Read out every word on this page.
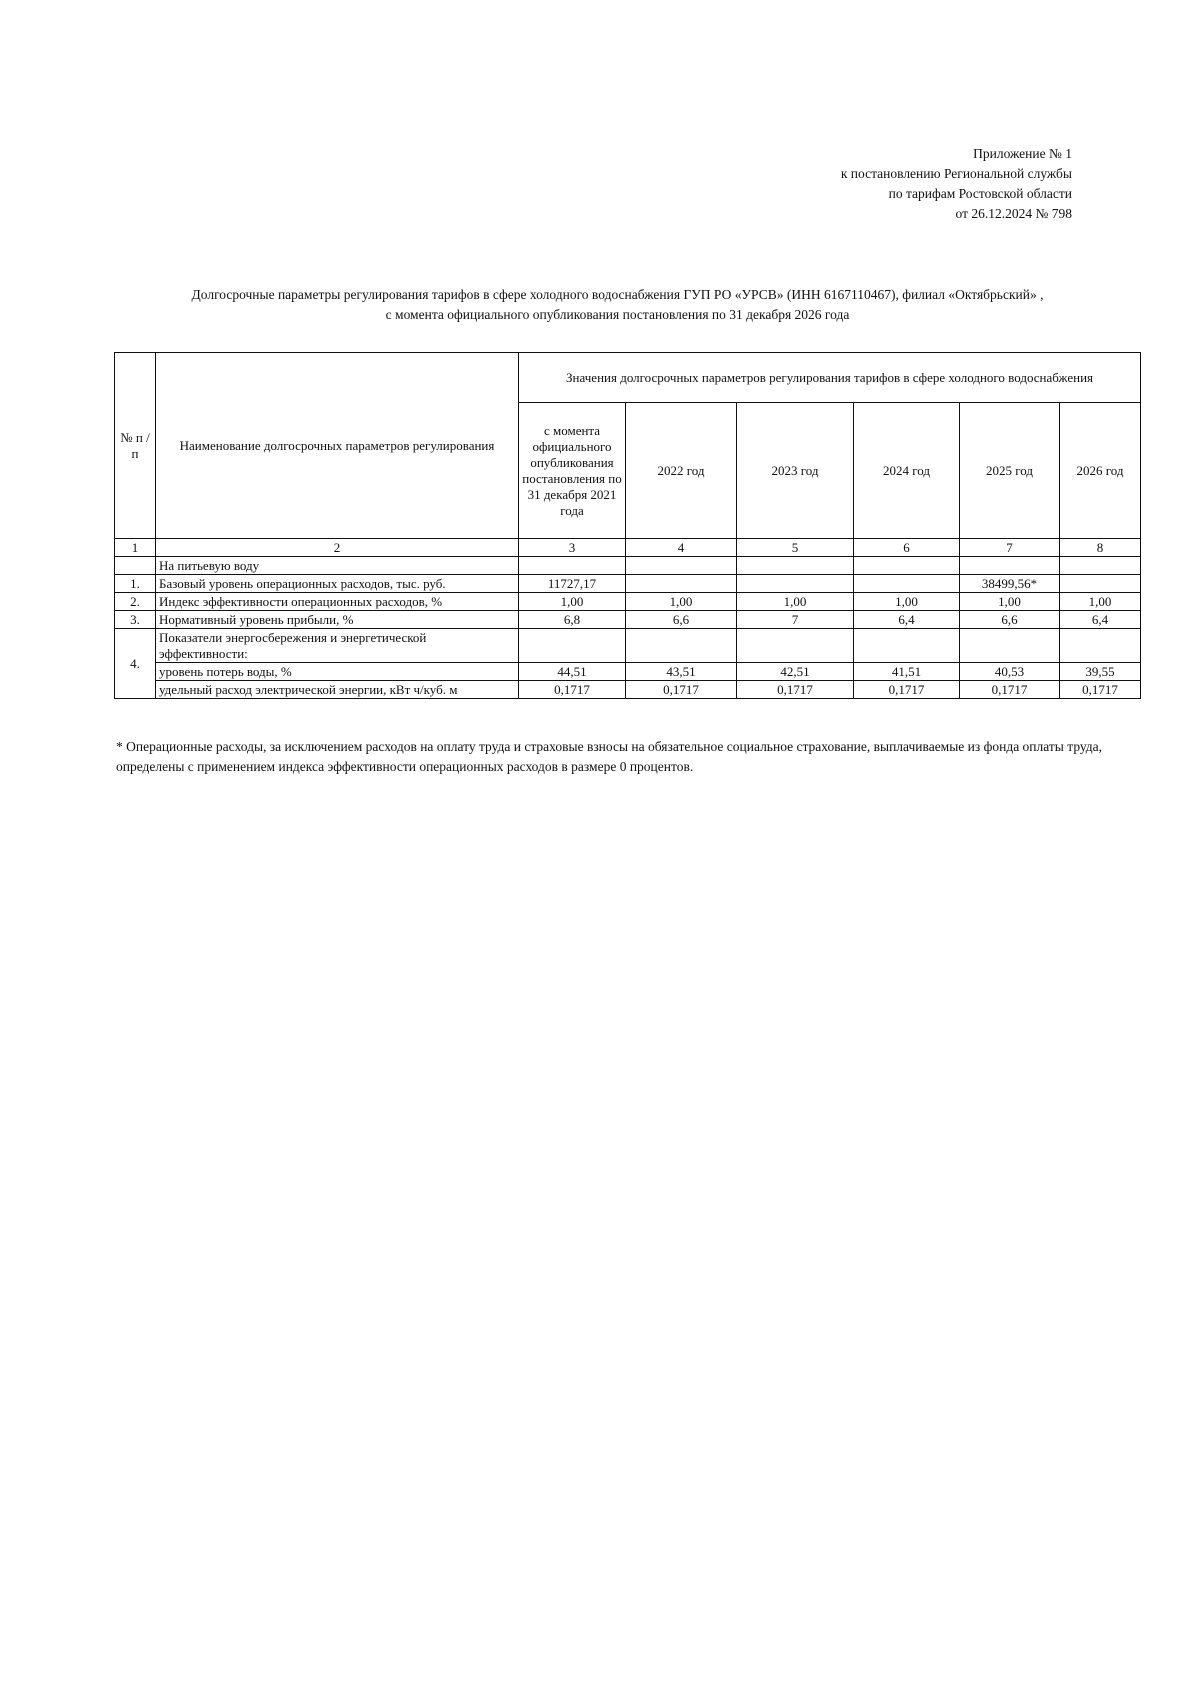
Приложение № 1
к постановлению Региональной службы
по тарифам Ростовской области
от 26.12.2024 № 798
Долгосрочные параметры регулирования тарифов в сфере холодного водоснабжения ГУП РО «УРСВ» (ИНН 6167110467), филиал «Октябрьский» ,
с момента официального опубликования постановления по 31 декабря 2026 года
№ п /п	Наименование долгосрочных параметров регулирования	Значения долгосрочных параметров регулирования тарифов в сфере холодного водоснабжения					
		с момента официального опубликования постановления по 31 декабря 2021 года	2022 год	2023 год	2024 год	2025 год	2026 год
1	2	3	4	5	6	7	8
	На питьевую воду						
1.	Базовый уровень операционных расходов, тыс. руб.	11727,17				38499,56*	
2.	Индекс эффективности операционных расходов, %	1,00	1,00	1,00	1,00	1,00	1,00
3.	Нормативный уровень прибыли, %	6,8	6,6	7	6,4	6,6	6,4
4.	Показатели энергосбережения и энергетической эффективности:						
	уровень потерь воды, %	44,51	43,51	42,51	41,51	40,53	39,55
	удельный расход электрической энергии, кВт ч/куб. м	0,1717	0,1717	0,1717	0,1717	0,1717	0,1717
* Операционные расходы, за исключением расходов на оплату труда и страховые взносы на обязательное социальное страхование, выплачиваемые из фонда оплаты труда, определены с применением индекса эффективности операционных расходов в размере 0 процентов.
